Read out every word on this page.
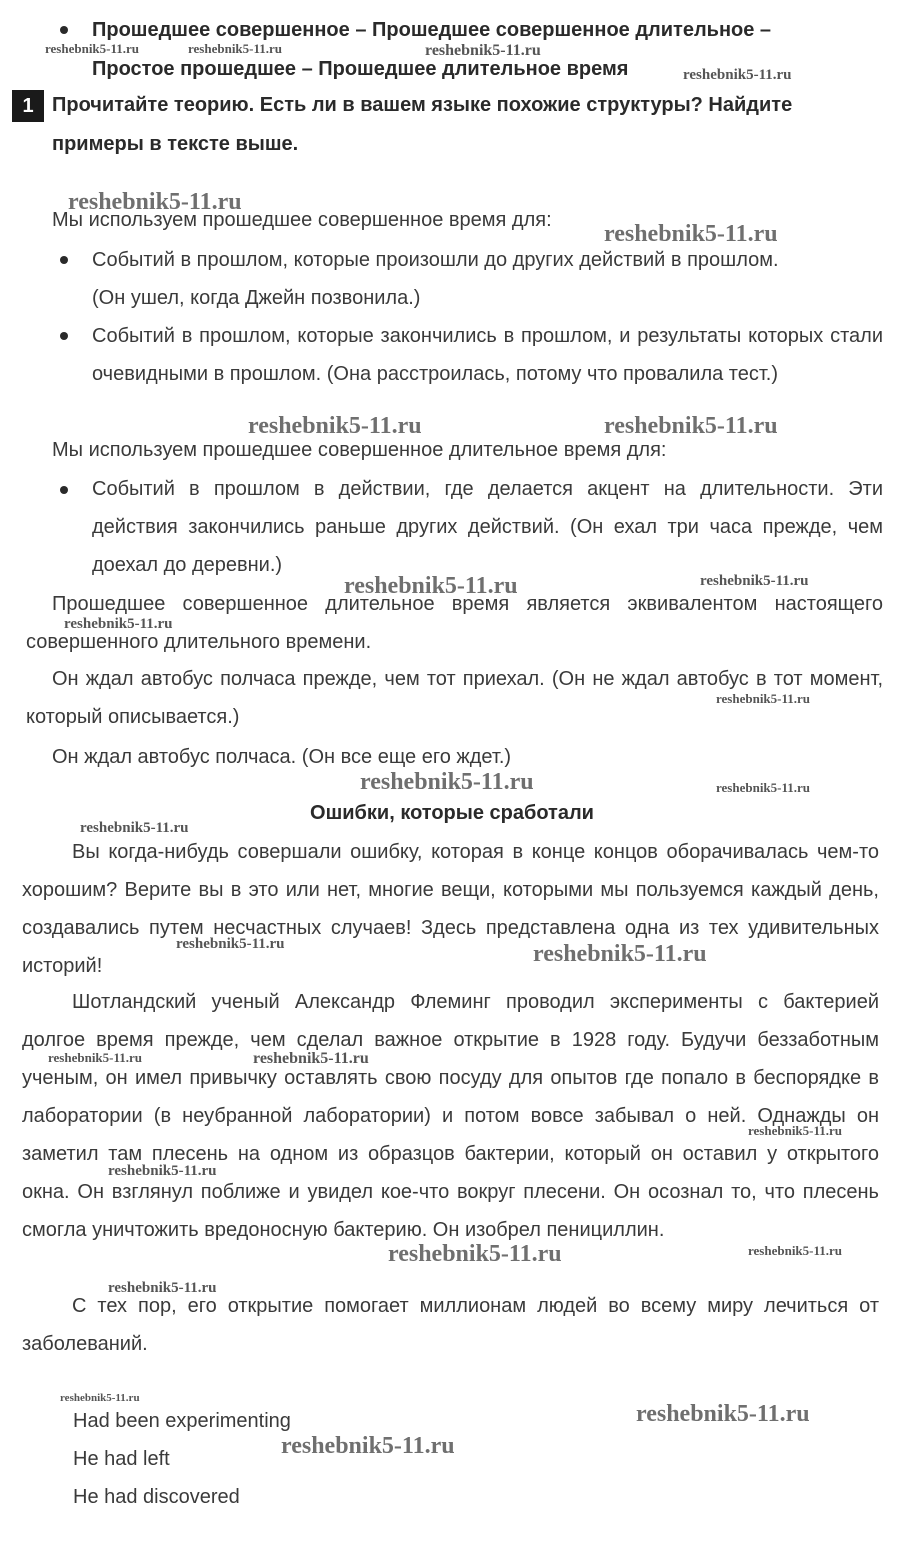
Прошедшее совершенное – Прошедшее совершенное длительное –
Простое прошедшее – Прошедшее длительное время
1 Прочитайте теорию. Есть ли в вашем языке похожие структуры? Найдите
примеры в тексте выше.
Мы используем прошедшее совершенное время для:
Событий в прошлом, которые произошли до других действий в прошлом.
(Он ушел, когда Джейн позвонила.)
Событий в прошлом, которые закончились в прошлом, и результаты которых стали очевидными в прошлом. (Она расстроилась, потому что провалила тест.)
Мы используем прошедшее совершенное длительное время для:
Событий в прошлом в действии, где делается акцент на длительности. Эти действия закончились раньше других действий. (Он ехал три часа прежде, чем доехал до деревни.)
Прошедшее совершенное длительное время является эквивалентом настоящего совершенного длительного времени.
Он ждал автобус полчаса прежде, чем тот приехал. (Он не ждал автобус в тот момент, который описывается.)
Он ждал автобус полчаса. (Он все еще его ждет.)
Ошибки, которые сработали
Вы когда-нибудь совершали ошибку, которая в конце концов оборачивалась чем-то хорошим? Верите вы в это или нет, многие вещи, которыми мы пользуемся каждый день, создавались путем несчастных случаев! Здесь представлена одна из тех удивительных историй!
Шотландский ученый Александр Флеминг проводил эксперименты с бактерией долгое время прежде, чем сделал важное открытие в 1928 году. Будучи беззаботным ученым, он имел привычку оставлять свою посуду для опытов где попало в беспорядке в лаборатории (в неубранной лаборатории) и потом вовсе забывал о ней. Однажды он заметил там плесень на одном из образцов бактерии, который он оставил у открытого окна. Он взглянул поближе и увидел кое-что вокруг плесени. Он осознал то, что плесень смогла уничтожить вредоносную бактерию. Он изобрел пенициллин.
С тех пор, его открытие помогает миллионам людей во всему миру лечиться от заболеваний.
Had been experimenting
He had left
He had discovered
reshebnik5-11.ru	reshebnik5-11.ru	reshebnik5-11.ru
reshebnik5-11.ru
reshebnik5-11.ru
reshebnik5-11.ru
reshebnik5-11.ru	reshebnik5-11.ru
reshebnik5-11.ru	reshebnik5-11.ru
reshebnik5-11.ru
reshebnik5-11.ru
reshebnik5-11.ru	reshebnik5-11.ru
reshebnik5-11.ru
reshebnik5-11.ru	reshebnik5-11.ru
reshebnik5-11.ru	reshebnik5-11.ru
reshebnik5-11.ru
reshebnik5-11.ru
reshebnik5-11.ru	reshebnik5-11.ru
reshebnik5-11.ru
reshebnik5-11.ru
reshebnik5-11.ru
reshebnik5-11.ru
